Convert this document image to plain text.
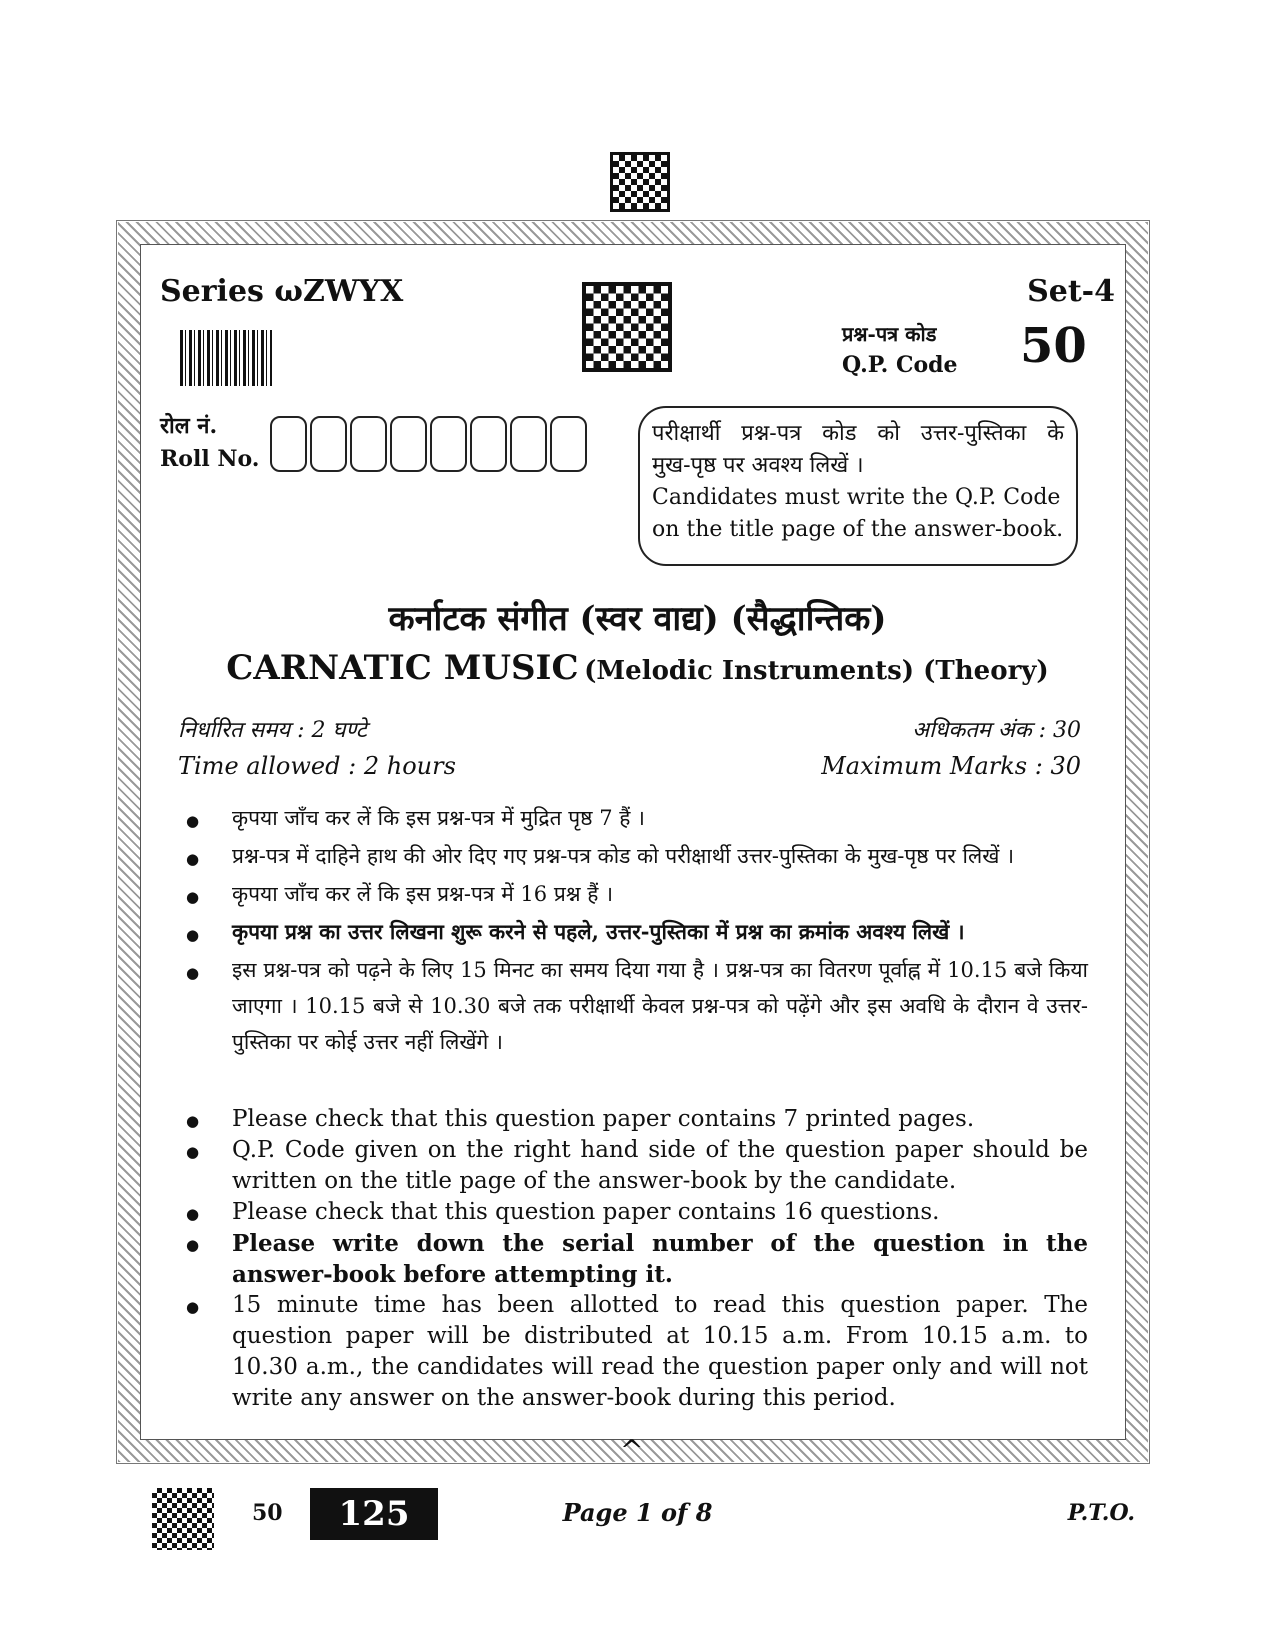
Series ωZWYX	Set-4
प्रश्न-पत्र कोड
Q.P. Code 50
रोल नं.
Roll No.

परीक्षार्थी प्रश्न-पत्र कोड को उत्तर-पुस्तिका के

मुख-पृष्ठ पर अवश्य लिखें ।

Candidates must write the Q.P. Code on the title page of the answer-book.

कर्नाटक संगीत (स्वर वाद्य) (सैद्धान्तिक)
CARNATIC MUSIC (Melodic Instruments) (Theory)
निर्धारित समय : 2 घण्टे
Time allowed : 2 hours
अधिकतम अंक : 30
Maximum Marks : 30
● कृपया जाँच कर लें कि इस प्रश्न-पत्र में मुद्रित पृष्ठ 7 हैं ।
● प्रश्न-पत्र में दाहिने हाथ की ओर दिए गए प्रश्न-पत्र कोड को परीक्षार्थी उत्तर-पुस्तिका के मुख-पृष्ठ पर लिखें ।
● कृपया जाँच कर लें कि इस प्रश्न-पत्र में 16 प्रश्न हैं ।
● कृपया प्रश्न का उत्तर लिखना शुरू करने से पहले, उत्तर-पुस्तिका में प्रश्न का क्रमांक अवश्य लिखें ।
● इस प्रश्न-पत्र को पढ़ने के लिए 15 मिनट का समय दिया गया है । प्रश्न-पत्र का वितरण पूर्वाह्न में 10.15 बजे किया जाएगा । 10.15 बजे से 10.30 बजे तक परीक्षार्थी केवल प्रश्न-पत्र को पढ़ेंगे और इस अवधि के दौरान वे उत्तर-पुस्तिका पर कोई उत्तर नहीं लिखेंगे ।
● Please check that this question paper contains 7 printed pages.
● Q.P. Code given on the right hand side of the question paper should be written on the title page of the answer-book by the candidate.
● Please check that this question paper contains 16 questions.
● Please write down the serial number of the question in the answer-book before attempting it.
● 15 minute time has been allotted to read this question paper. The question paper will be distributed at 10.15 a.m. From 10.15 a.m. to 10.30 a.m., the candidates will read the question paper only and will not write any answer on the answer-book during this period.
^
50	125	Page 1 of 8	P.T.O.
